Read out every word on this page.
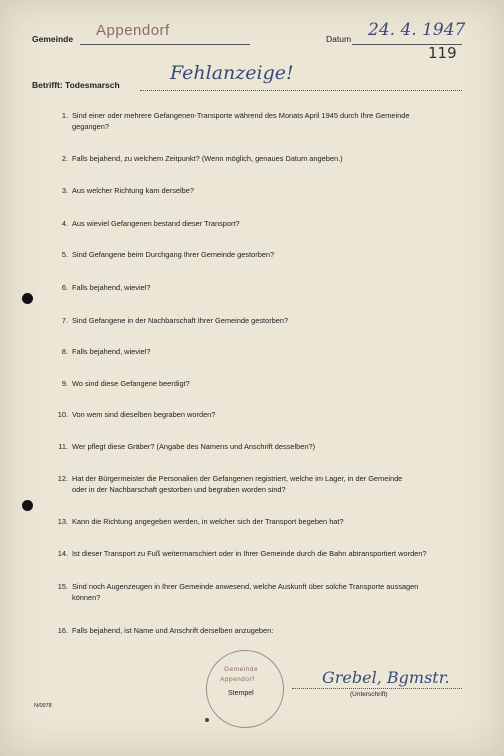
Gemeinde Appendorf	Datum 24. 4. 1947
119
Betrifft: Todesmarsch
Fehlanzeige!
1. Sind einer oder mehrere Gefangenen-Transporte während des Monats April 1945 durch Ihre Gemeinde
gegangen?
2. Falls bejahend, zu welchem Zeitpunkt? (Wenn möglich, genaues Datum angeben.)
3. Aus welcher Richtung kam derselbe?
4. Aus wieviel Gefangenen bestand dieser Transport?
5. Sind Gefangene beim Durchgang Ihrer Gemeinde gestorben?
6. Falls bejahend, wieviel?
7. Sind Gefangene in der Nachbarschaft Ihrer Gemeinde gestorben?
8. Falls bejahend, wieviel?
9. Wo sind diese Gefangene beerdigt?
10. Von wem sind dieselben begraben worden?
11. Wer pflegt diese Gräber? (Angabe des Namens und Anschrift desselben?)
12. Hat der Bürgermeister die Personalien der Gefangenen registriert, welche im Lager, in der Gemeinde
oder in der Nachbarschaft gestorben und begraben worden sind?
13. Kann die Richtung angegeben werden, in welcher sich der Transport begeben hat?
14. Ist dieser Transport zu Fuß weitermarschiert oder in Ihrer Gemeinde durch die Bahn abtransportiert worden?
15. Sind noch Augenzeugen in Ihrer Gemeinde anwesend, welche Auskunft über solche Transporte aussagen
können?
16. Falls bejahend, ist Name und Anschrift derselben anzugeben:
Gemeinde
Appendorf
Stempel
Grebel, Bgmstr.
(Unterschrift)
N/0978
